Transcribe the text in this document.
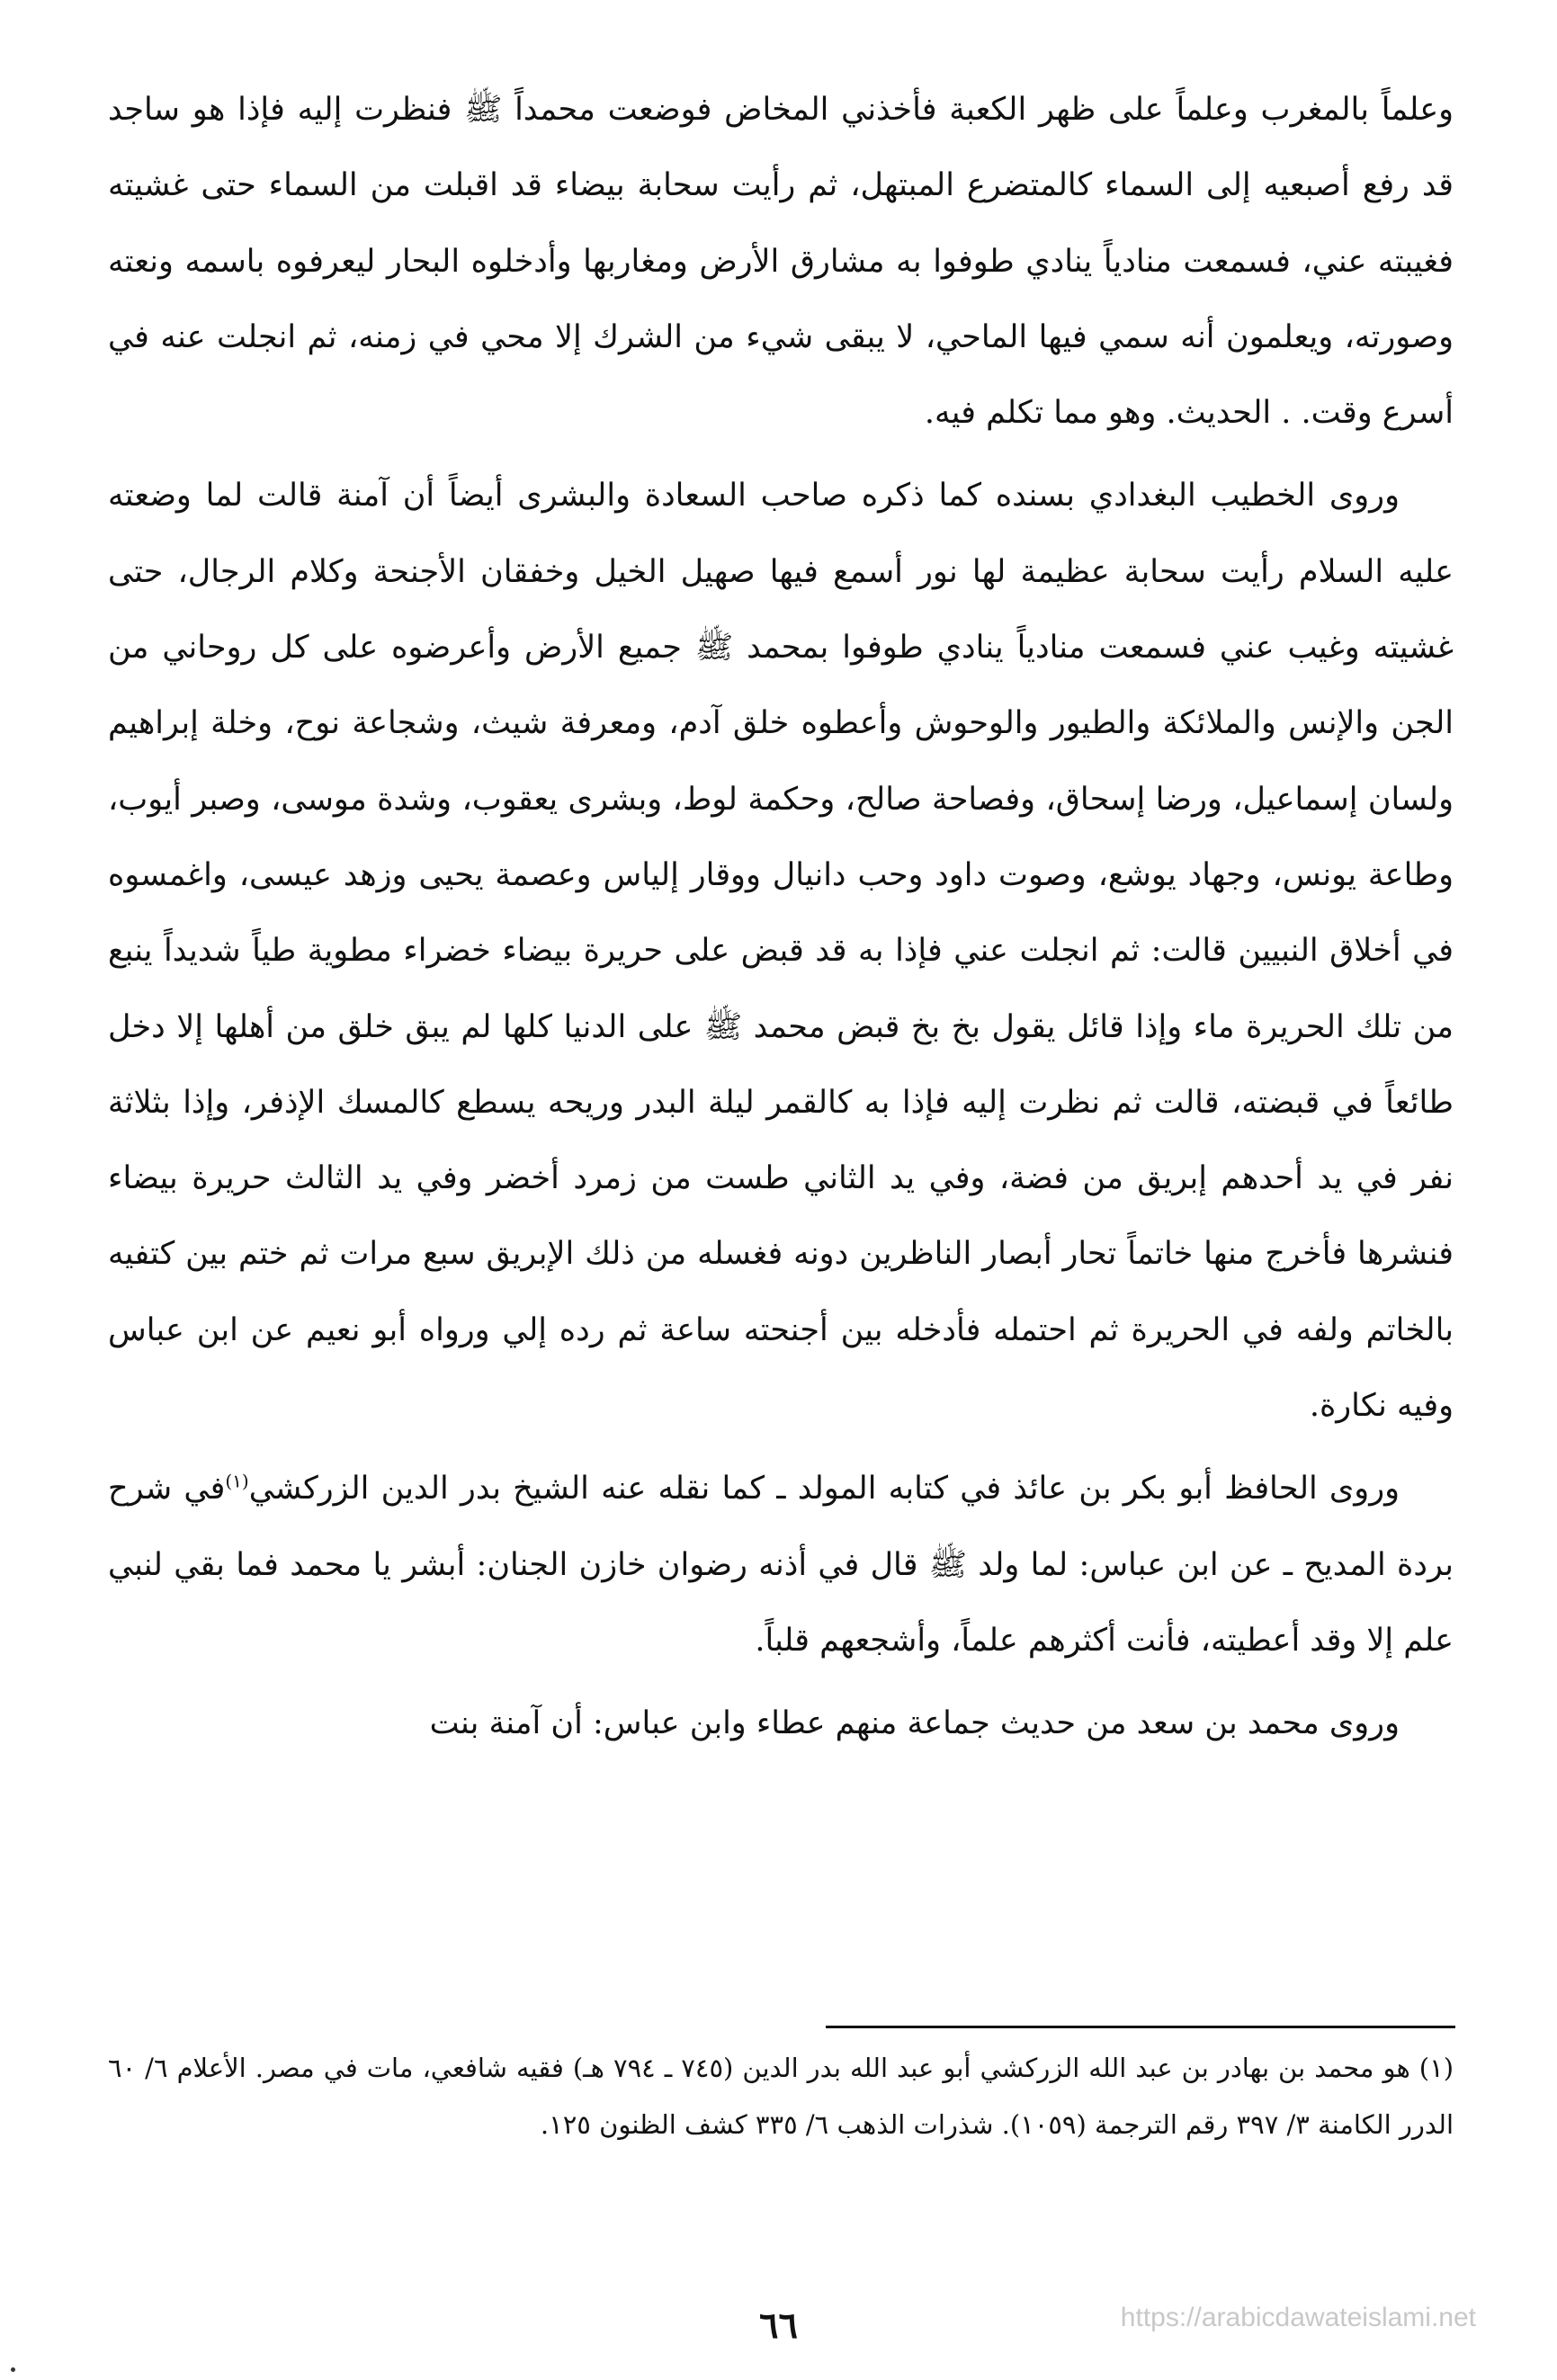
وعلماً بالمغرب وعلماً على ظهر الكعبة فأخذني المخاض فوضعت محمداً ﷺ فنظرت إليه فإذا هو ساجد قد رفع أصبعيه إلى السماء كالمتضرع المبتهل، ثم رأيت سحابة بيضاء قد اقبلت من السماء حتى غشيته فغيبته عني، فسمعت منادياً ينادي طوفوا به مشارق الأرض ومغاربها وأدخلوه البحار ليعرفوه باسمه ونعته وصورته، ويعلمون أنه سمي فيها الماحي، لا يبقى شيء من الشرك إلا محي في زمنه، ثم انجلت عنه في أسرع وقت. . الحديث. وهو مما تكلم فيه.

وروى الخطيب البغدادي بسنده كما ذكره صاحب السعادة والبشرى أيضاً أن آمنة قالت لما وضعته عليه السلام رأيت سحابة عظيمة لها نور أسمع فيها صهيل الخيل وخفقان الأجنحة وكلام الرجال، حتى غشيته وغيب عني فسمعت منادياً ينادي طوفوا بمحمد ﷺ جميع الأرض وأعرضوه على كل روحاني من الجن والإنس والملائكة والطيور والوحوش وأعطوه خلق آدم، ومعرفة شيث، وشجاعة نوح، وخلة إبراهيم ولسان إسماعيل، ورضا إسحاق، وفصاحة صالح، وحكمة لوط، وبشرى يعقوب، وشدة موسى، وصبر أيوب، وطاعة يونس، وجهاد يوشع، وصوت داود وحب دانيال ووقار إلياس وعصمة يحيى وزهد عيسى، واغمسوه في أخلاق النبيين قالت: ثم انجلت عني فإذا به قد قبض على حريرة بيضاء خضراء مطوية طياً شديداً ينبع من تلك الحريرة ماء وإذا قائل يقول بخ بخ قبض محمد ﷺ على الدنيا كلها لم يبق خلق من أهلها إلا دخل طائعاً في قبضته، قالت ثم نظرت إليه فإذا به كالقمر ليلة البدر وريحه يسطع كالمسك الإذفر، وإذا بثلاثة نفر في يد أحدهم إبريق من فضة، وفي يد الثاني طست من زمرد أخضر وفي يد الثالث حريرة بيضاء فنشرها فأخرج منها خاتماً تحار أبصار الناظرين دونه فغسله من ذلك الإبريق سبع مرات ثم ختم بين كتفيه بالخاتم ولفه في الحريرة ثم احتمله فأدخله بين أجنحته ساعة ثم رده إلي ورواه أبو نعيم عن ابن عباس وفيه نكارة.

وروى الحافظ أبو بكر بن عائذ في كتابه المولد ـ كما نقله عنه الشيخ بدر الدين الزركشي$^{(١)}$في شرح بردة المديح ـ عن ابن عباس: لما ولد ﷺ قال في أذنه رضوان خازن الجنان: أبشر يا محمد فما بقي لنبي علم إلا وقد أعطيته، فأنت أكثرهم علماً، وأشجعهم قلباً.

وروى محمد بن سعد من حديث جماعة منهم عطاء وابن عباس: أن آمنة بنت

(١) هو محمد بن بهادر بن عبد الله الزركشي أبو عبد الله بدر الدين (٧٤٥ ـ ٧٩٤ هـ) فقيه شافعي، مات في مصر. الأعلام ٦/ ٦٠ الدرر الكامنة ٣/ ٣٩٧ رقم الترجمة (١٠٥٩). شذرات الذهب ٦/ ٣٣٥ كشف الظنون ١٢٥.

٦٦	https://arabicdawateislami.net
